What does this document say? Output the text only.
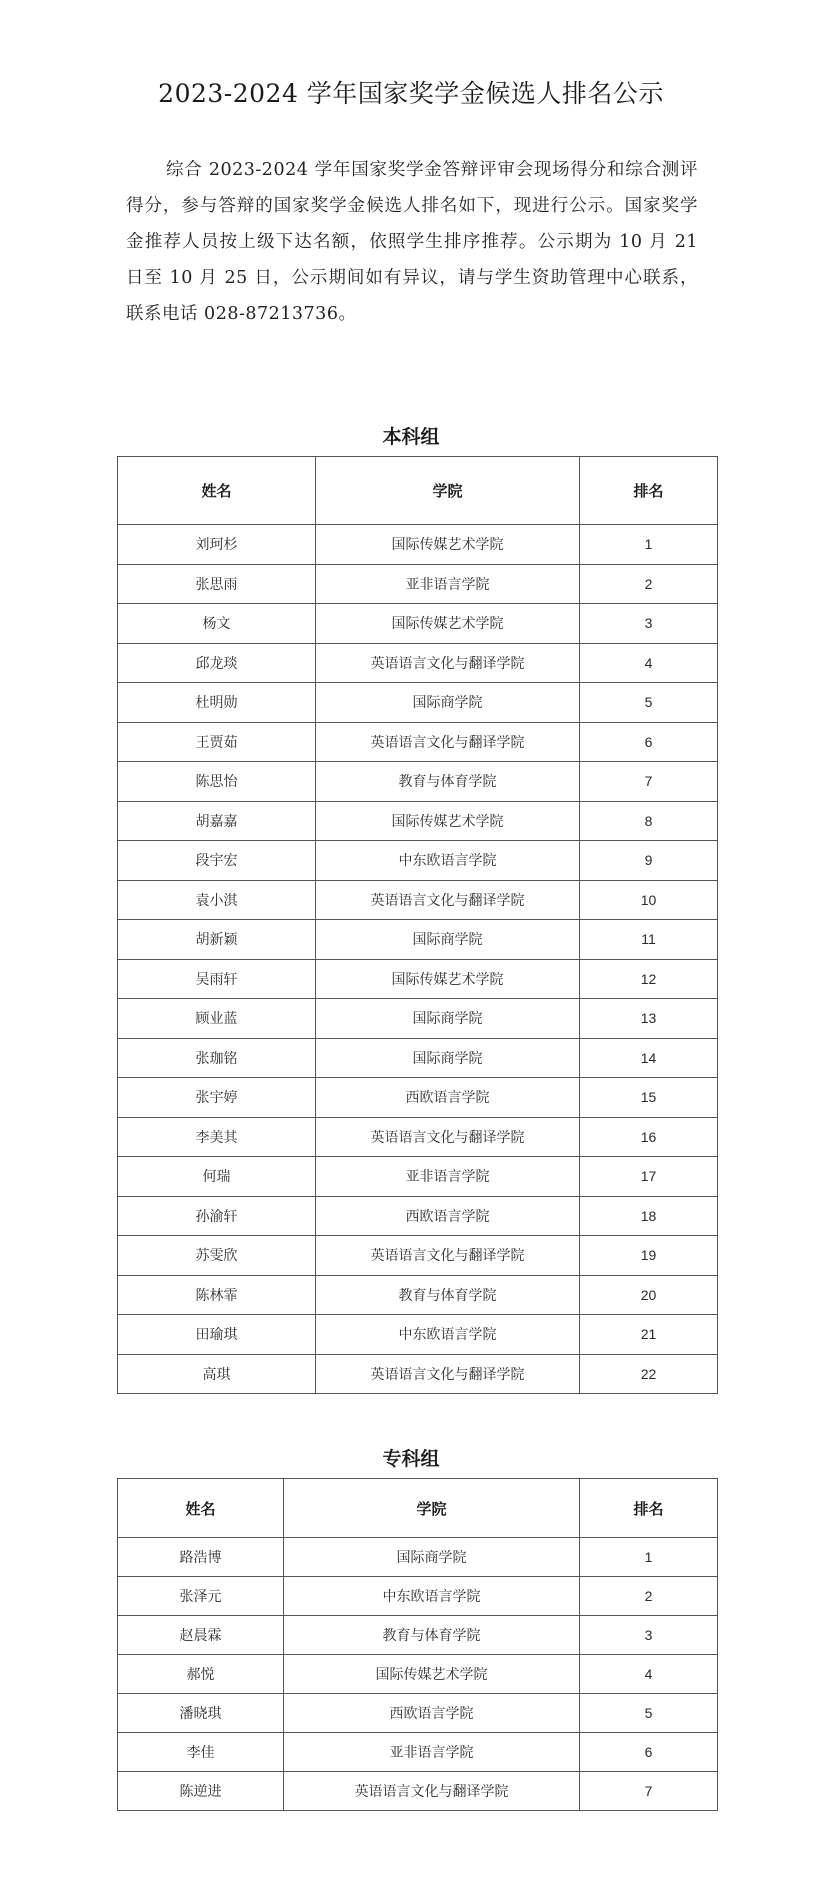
2023-2024 学年国家奖学金候选人排名公示
综合 2023-2024 学年国家奖学金答辩评审会现场得分和综合测评得分，参与答辩的国家奖学金候选人排名如下，现进行公示。国家奖学金推荐人员按上级下达名额，依照学生排序推荐。公示期为 10 月 21 日至 10 月 25 日，公示期间如有异议，请与学生资助管理中心联系，联系电话 028-87213736。
本科组
姓名	学院	排名
刘珂杉	国际传媒艺术学院	1
张思雨	亚非语言学院	2
杨文	国际传媒艺术学院	3
邱龙琰	英语语言文化与翻译学院	4
杜明勋	国际商学院	5
王贾茹	英语语言文化与翻译学院	6
陈思怡	教育与体育学院	7
胡嘉嘉	国际传媒艺术学院	8
段宇宏	中东欧语言学院	9
袁小淇	英语语言文化与翻译学院	10
胡新颖	国际商学院	11
吴雨轩	国际传媒艺术学院	12
顾业蓝	国际商学院	13
张珈铭	国际商学院	14
张宇婷	西欧语言学院	15
李美其	英语语言文化与翻译学院	16
何瑞	亚非语言学院	17
孙渝轩	西欧语言学院	18
苏雯欣	英语语言文化与翻译学院	19
陈林霏	教育与体育学院	20
田瑜琪	中东欧语言学院	21
高琪	英语语言文化与翻译学院	22
专科组
姓名	学院	排名
路浩博	国际商学院	1
张泽元	中东欧语言学院	2
赵晨霖	教育与体育学院	3
郝悦	国际传媒艺术学院	4
潘晓琪	西欧语言学院	5
李佳	亚非语言学院	6
陈逆进	英语语言文化与翻译学院	7
